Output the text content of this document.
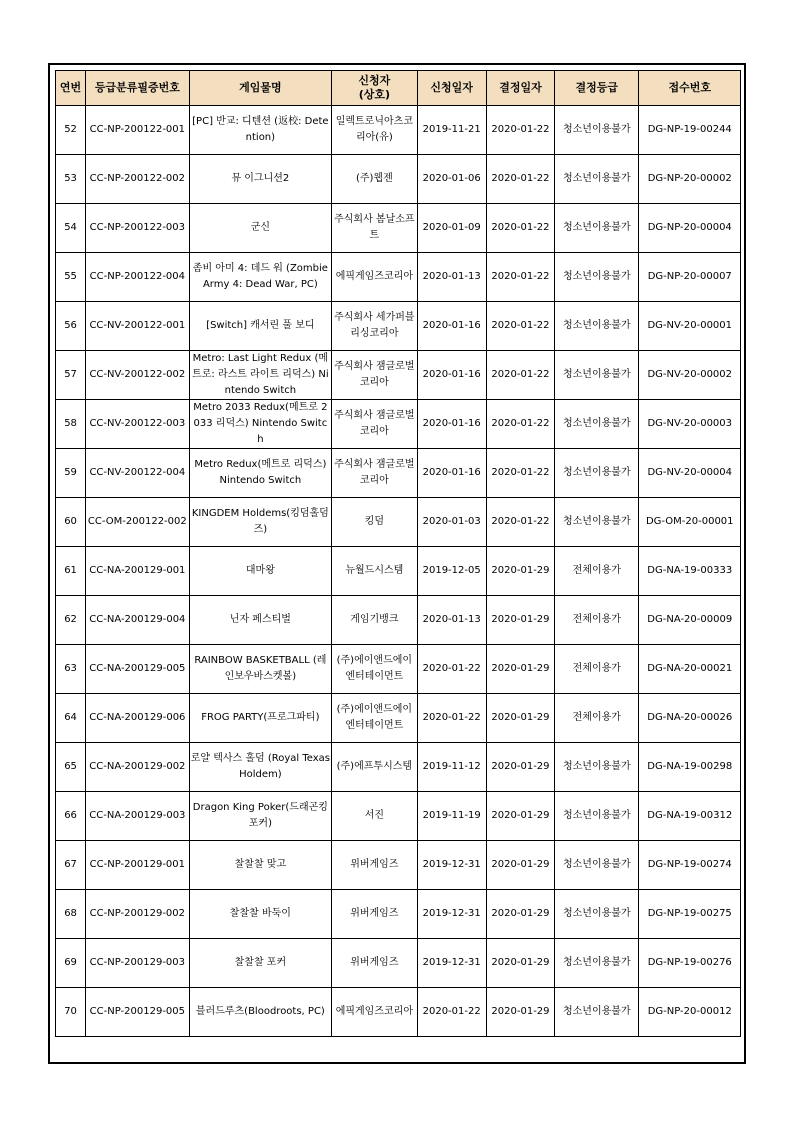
연번	등급분류필증번호	게임물명	신청자
(상호)	신청일자	결정일자	결정등급	접수번호
52	CC-NP-200122-001	[PC] 반교: 디텐션 (返校: Detention)	일렉트로닉아츠코리아(유)	2019-11-21	2020-01-22	청소년이용불가	DG-NP-19-00244
53	CC-NP-200122-002	뮤 이그니션2	(주)웹젠	2020-01-06	2020-01-22	청소년이용불가	DG-NP-20-00002
54	CC-NP-200122-003	군신	주식회사 봄날소프트	2020-01-09	2020-01-22	청소년이용불가	DG-NP-20-00004
55	CC-NP-200122-004	좀비 아미 4: 데드 워 (Zombie Army 4: Dead War, PC)	에픽게임즈코리아	2020-01-13	2020-01-22	청소년이용불가	DG-NP-20-00007
56	CC-NV-200122-001	[Switch] 캐서린 풀 보디	주식회사 세가퍼블리싱코리아	2020-01-16	2020-01-22	청소년이용불가	DG-NV-20-00001
57	CC-NV-200122-002	Metro: Last Light Redux (메트로: 라스트 라이트 리덕스) Nintendo Switch	주식회사 잼글로벌코리아	2020-01-16	2020-01-22	청소년이용불가	DG-NV-20-00002
58	CC-NV-200122-003	Metro 2033 Redux(메트로 2033 리덕스) Nintendo Switch	주식회사 잼글로벌코리아	2020-01-16	2020-01-22	청소년이용불가	DG-NV-20-00003
59	CC-NV-200122-004	Metro Redux(메트로 리덕스) Nintendo Switch	주식회사 잼글로벌코리아	2020-01-16	2020-01-22	청소년이용불가	DG-NV-20-00004
60	CC-OM-200122-002	KINGDEM Holdems(킹덤홀덤즈)	킹덤	2020-01-03	2020-01-22	청소년이용불가	DG-OM-20-00001
61	CC-NA-200129-001	대마왕	뉴월드시스템	2019-12-05	2020-01-29	전체이용가	DG-NA-19-00333
62	CC-NA-200129-004	닌자 페스티벌	게임기뱅크	2020-01-13	2020-01-29	전체이용가	DG-NA-20-00009
63	CC-NA-200129-005	RAINBOW BASKETBALL (레인보우바스켓볼)	(주)에이앤드에이엔터테이먼트	2020-01-22	2020-01-29	전체이용가	DG-NA-20-00021
64	CC-NA-200129-006	FROG PARTY(프로그파티)	(주)에이앤드에이엔터테이먼트	2020-01-22	2020-01-29	전체이용가	DG-NA-20-00026
65	CC-NA-200129-002	로얄 텍사스 홀덤 (Royal Texas Holdem)	(주)에프투시스템	2019-11-12	2020-01-29	청소년이용불가	DG-NA-19-00298
66	CC-NA-200129-003	Dragon King Poker(드래곤킹포커)	서진	2019-11-19	2020-01-29	청소년이용불가	DG-NA-19-00312
67	CC-NP-200129-001	찰찰찰 맞고	위버게임즈	2019-12-31	2020-01-29	청소년이용불가	DG-NP-19-00274
68	CC-NP-200129-002	찰찰찰 바둑이	위버게임즈	2019-12-31	2020-01-29	청소년이용불가	DG-NP-19-00275
69	CC-NP-200129-003	찰찰찰 포커	위버게임즈	2019-12-31	2020-01-29	청소년이용불가	DG-NP-19-00276
70	CC-NP-200129-005	블러드루츠(Bloodroots, PC)	에픽게임즈코리아	2020-01-22	2020-01-29	청소년이용불가	DG-NP-20-00012
